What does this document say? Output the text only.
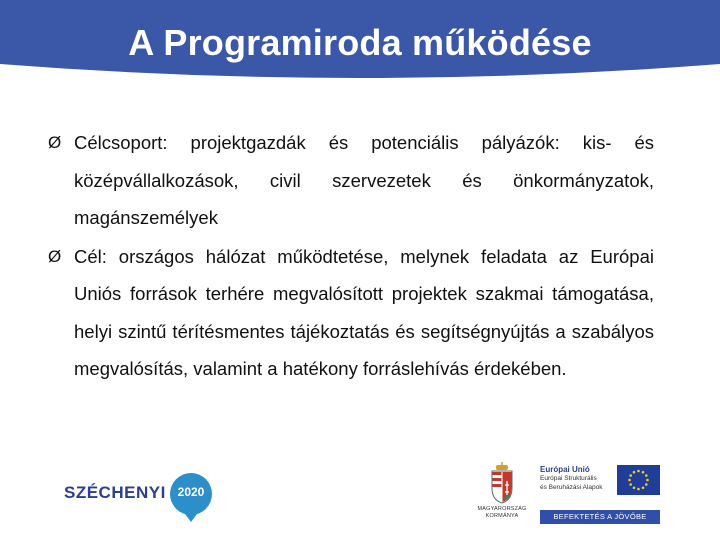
A Programiroda működése
Ø Célcsoport: projektgazdák és potenciális pályázók: kis- és középvállalkozások, civil szervezetek és önkormányzatok, magánszemélyek
Ø Cél: országos hálózat működtetése, melynek feladata az Európai Uniós források terhére megvalósított projektek szakmai támogatása, helyi szintű térítésmentes tájékoztatás és segítségnyújtás a szabályos megvalósítás, valamint a hatékony forráslehívás érdekében.
SZÉCHENYI 2020
MAGYARORSZÁG
KORMÁNYA
Európai Unió
Európai Strukturális
és Beruházási Alapok
BEFEKTETÉS A JÖVŐBE
